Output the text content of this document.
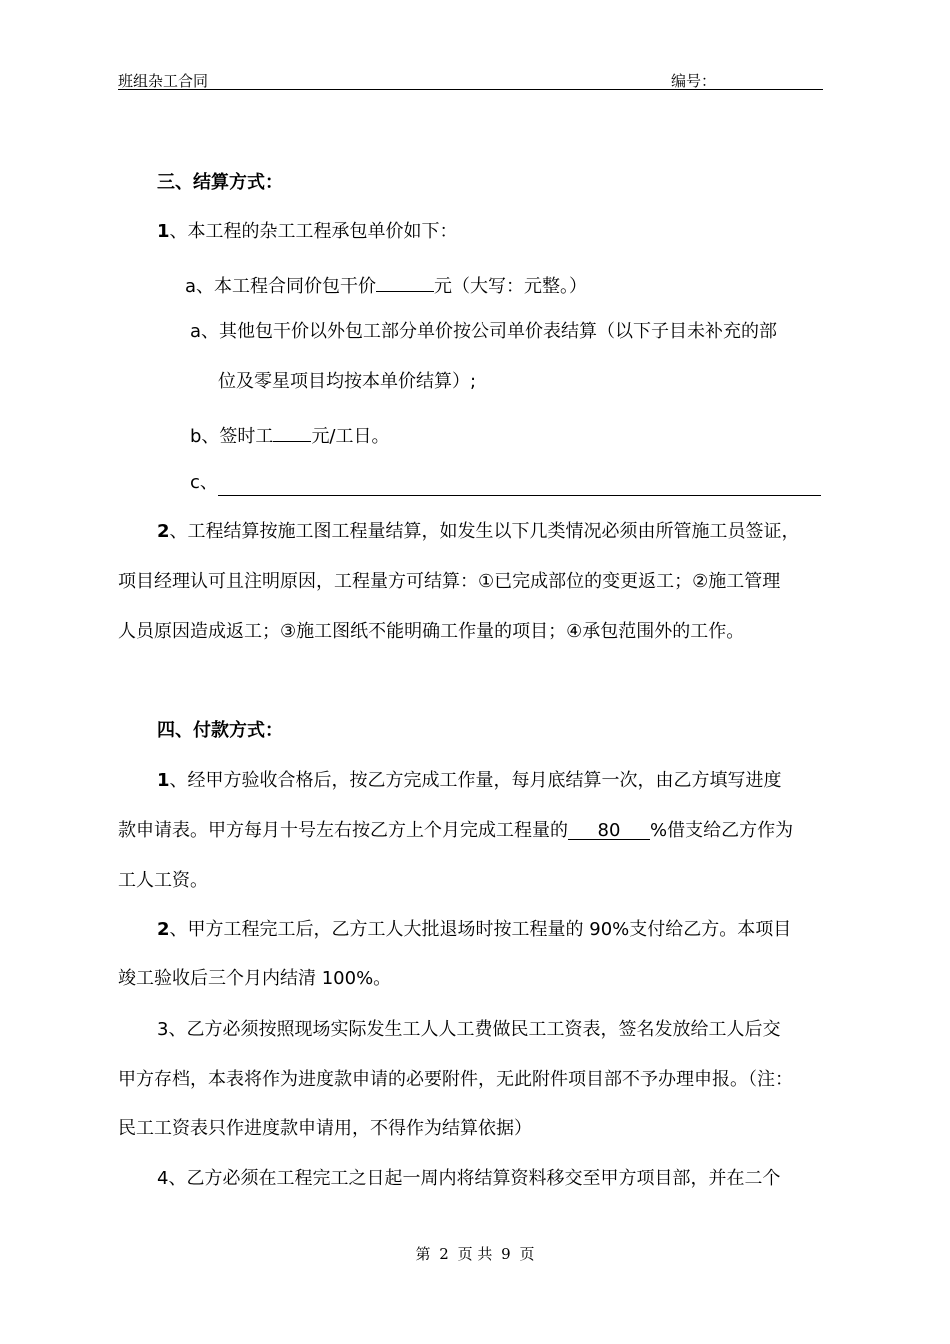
班组杂工合同	编号：
三、结算方式：
1、本工程的杂工工程承包单价如下：
a、本工程合同价包干价	元（大写：元整。）
a、其他包干价以外包工部分单价按公司单价表结算（以下子目未补充的部
位及零星项目均按本单价结算）;
b、签时工 元/工日。
c、
2、工程结算按施工图工程量结算，如发生以下几类情况必须由所管施工员签证，
项目经理认可且注明原因，工程量方可结算：①已完成部位的变更返工；②施工管理
人员原因造成返工；③施工图纸不能明确工作量的项目；④承包范围外的工作。
四、付款方式：
1、经甲方验收合格后，按乙方完成工作量，每月底结算一次，由乙方填写进度
款申请表。甲方每月十号左右按乙方上个月完成工程量的 80 %借支给乙方作为
工人工资。
2、甲方工程完工后，乙方工人大批退场时按工程量的 90%支付给乙方。本项目
竣工验收后三个月内结清 100%。
3、乙方必须按照现场实际发生工人人工费做民工工资表，签名发放给工人后交
甲方存档，本表将作为进度款申请的必要附件，无此附件项目部不予办理申报。（注：
民工工资表只作进度款申请用，不得作为结算依据）
4、乙方必须在工程完工之日起一周内将结算资料移交至甲方项目部，并在二个
第 2 页 共 9 页
